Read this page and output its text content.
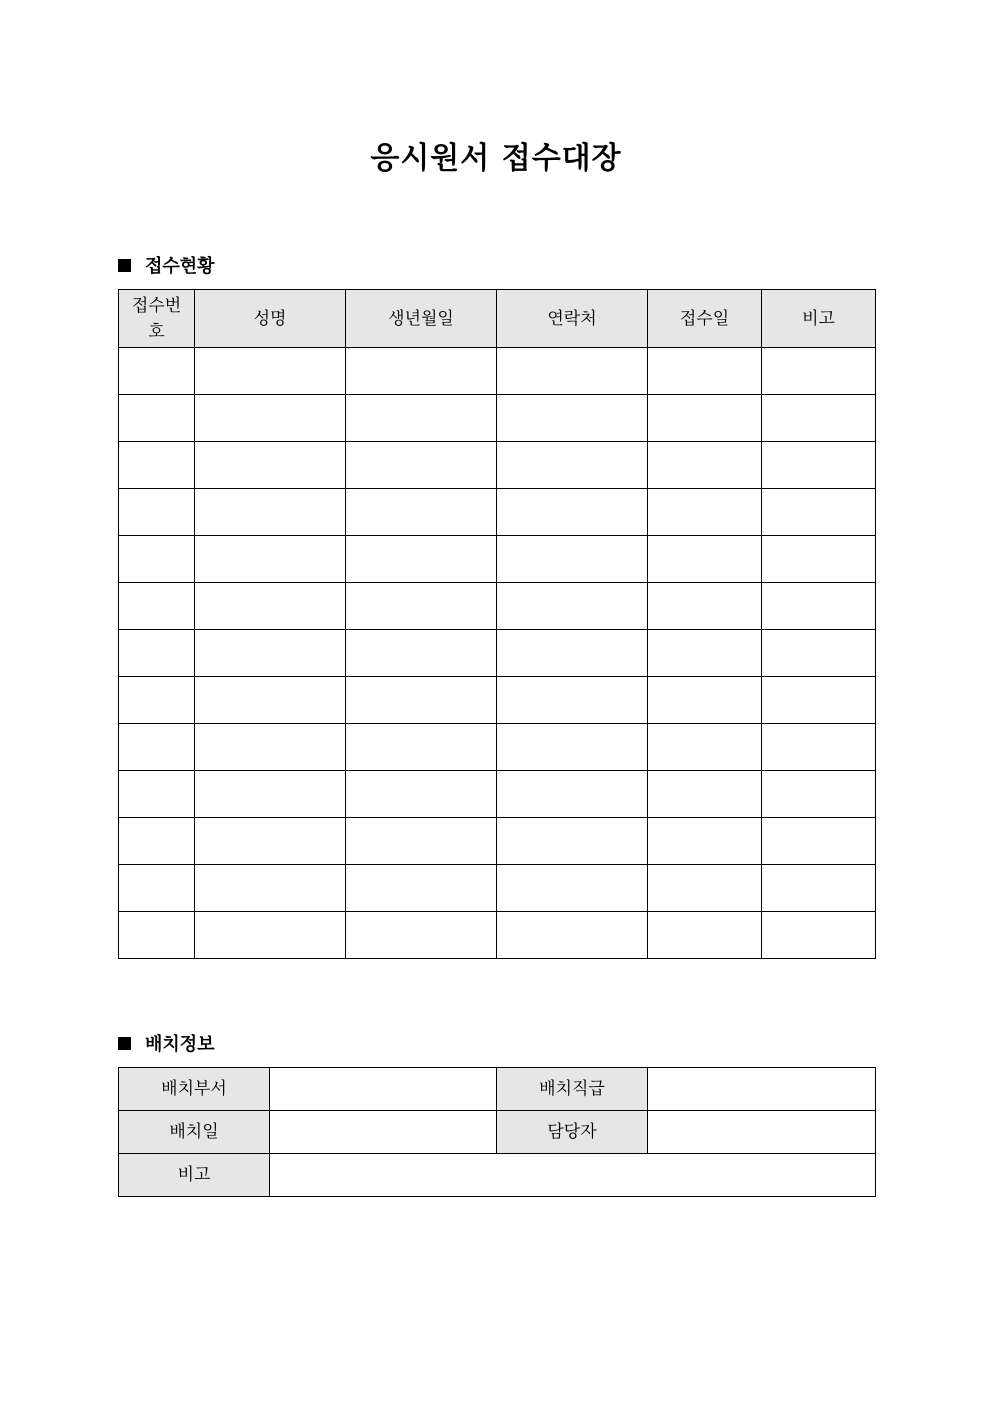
응시원서 접수대장
접수현황
접수번호	성명	생년월일	연락처	접수일	비고

배치정보
배치부서		배치직급	
배치일		담당자	
비고			
